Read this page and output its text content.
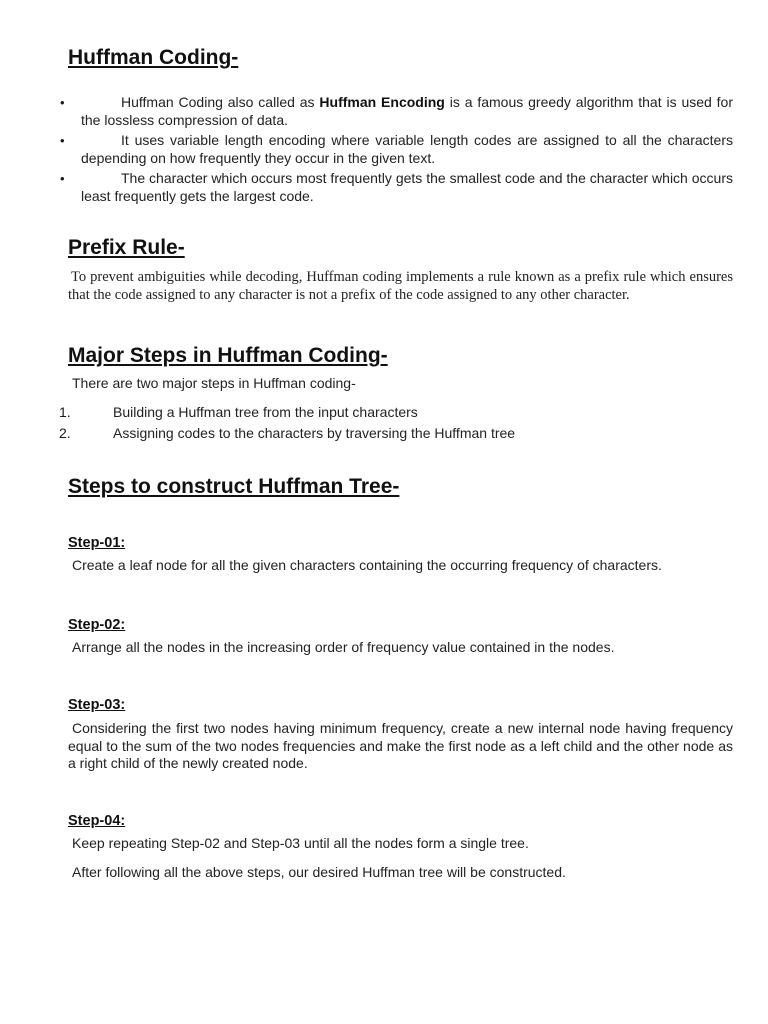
Huffman Coding-
•	Huffman Coding also called as Huffman Encoding is a famous greedy algorithm that is used for the lossless compression of data.
•	It uses variable length encoding where variable length codes are assigned to all the characters depending on how frequently they occur in the given text.
•	The character which occurs most frequently gets the smallest code and the character which occurs least frequently gets the largest code.
Prefix Rule-

To prevent ambiguities while decoding, Huffman coding implements a rule known as a prefix rule which ensures that the code assigned to any character is not a prefix of the code assigned to any other character.

Major Steps in Huffman Coding-

There are two major steps in Huffman coding-

1.	Building a Huffman tree from the input characters
2.	Assigning codes to the characters by traversing the Huffman tree
Steps to construct Huffman Tree-
Step-01:

Create a leaf node for all the given characters containing the occurring frequency of characters.

Step-02:

Arrange all the nodes in the increasing order of frequency value contained in the nodes.

Step-03:

Considering the first two nodes having minimum frequency, create a new internal node having frequency equal to the sum of the two nodes frequencies and make the first node as a left child and the other node as a right child of the newly created node.

Step-04:

Keep repeating Step-02 and Step-03 until all the nodes form a single tree.

After following all the above steps, our desired Huffman tree will be constructed.
